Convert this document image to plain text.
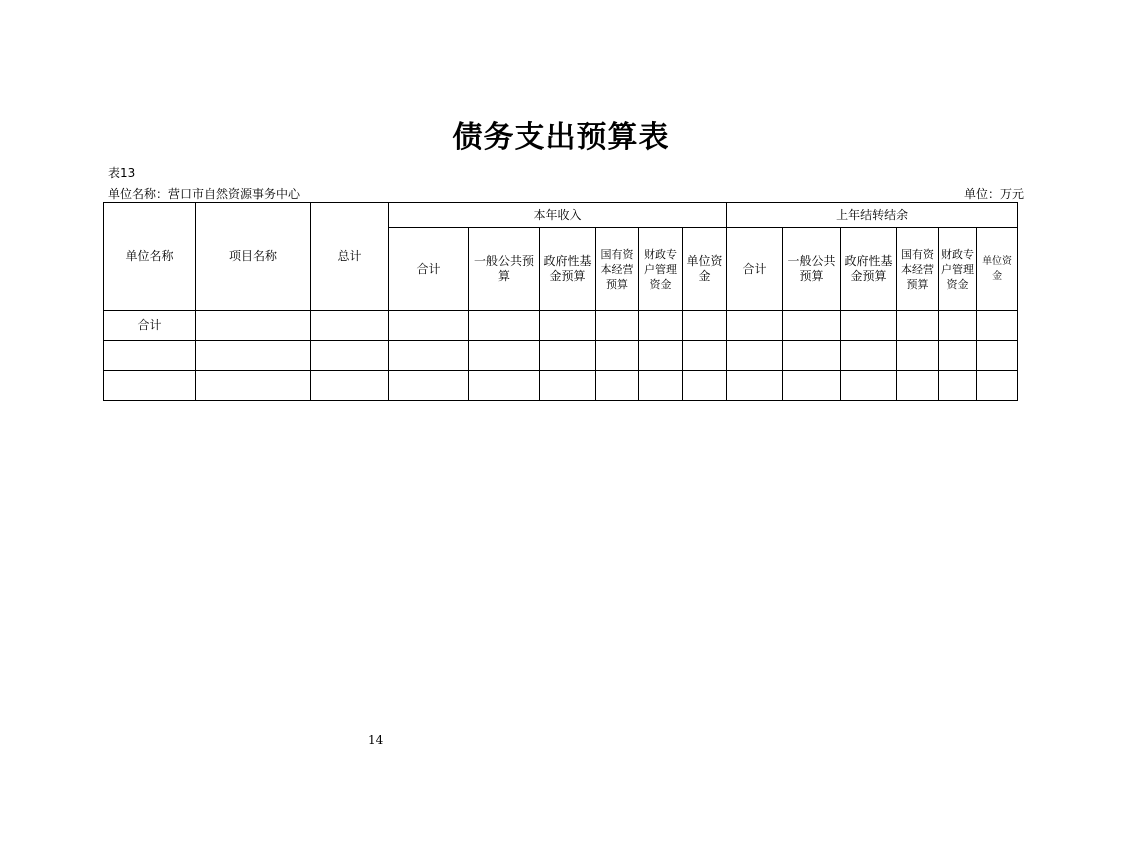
债务支出预算表
表13
单位名称：营口市自然资源事务中心	单位：万元
单位名称	项目名称	总计	本年收入						上年结转结余					
			合计	一般公共预算	政府性基金预算	国有资本经营预算	财政专户管理资金	单位资金	合计	一般公共预算	政府性基金预算	国有资本经营预算	财政专户管理资金	单位资金
合计														

14
